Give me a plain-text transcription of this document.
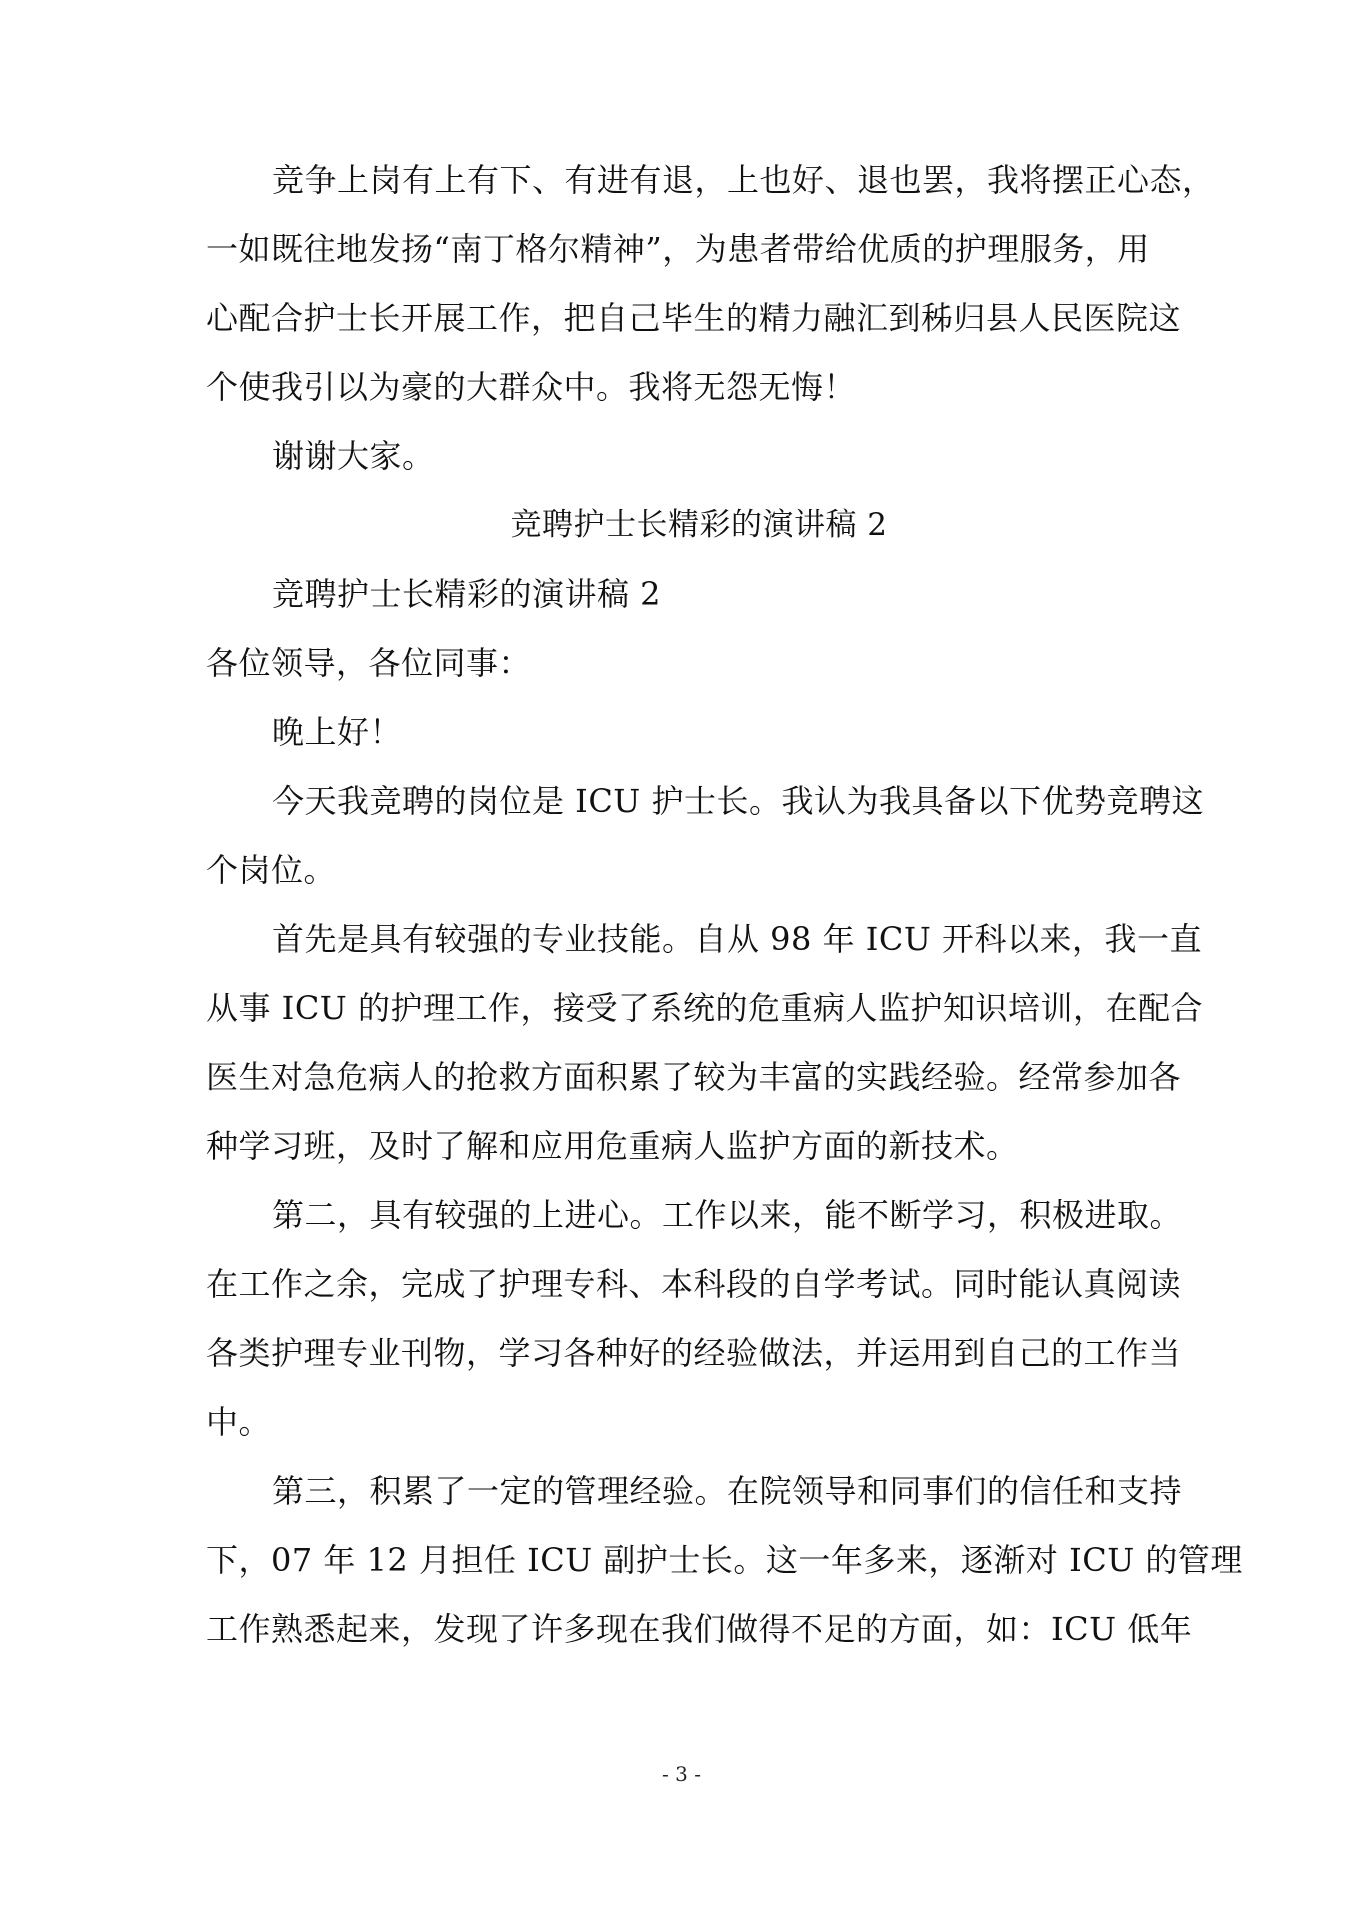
竞争上岗有上有下、有进有退，上也好、退也罢，我将摆正心态，
一如既往地发扬“南丁格尔精神”，为患者带给优质的护理服务，用
心配合护士长开展工作，把自己毕生的精力融汇到秭归县人民医院这
个使我引以为豪的大群众中。我将无怨无悔！
谢谢大家。
竞聘护士长精彩的演讲稿 2
竞聘护士长精彩的演讲稿 2
各位领导，各位同事：
晚上好！
今天我竞聘的岗位是 ICU 护士长。我认为我具备以下优势竞聘这
个岗位。
首先是具有较强的专业技能。自从 98 年 ICU 开科以来，我一直
从事 ICU 的护理工作，接受了系统的危重病人监护知识培训，在配合
医生对急危病人的抢救方面积累了较为丰富的实践经验。经常参加各
种学习班，及时了解和应用危重病人监护方面的新技术。
第二，具有较强的上进心。工作以来，能不断学习，积极进取。
在工作之余，完成了护理专科、本科段的自学考试。同时能认真阅读
各类护理专业刊物，学习各种好的经验做法，并运用到自己的工作当
中。
第三，积累了一定的管理经验。在院领导和同事们的信任和支持
下，07 年 12 月担任 ICU 副护士长。这一年多来，逐渐对 ICU 的管理
工作熟悉起来，发现了许多现在我们做得不足的方面，如：ICU 低年
- 3 -
